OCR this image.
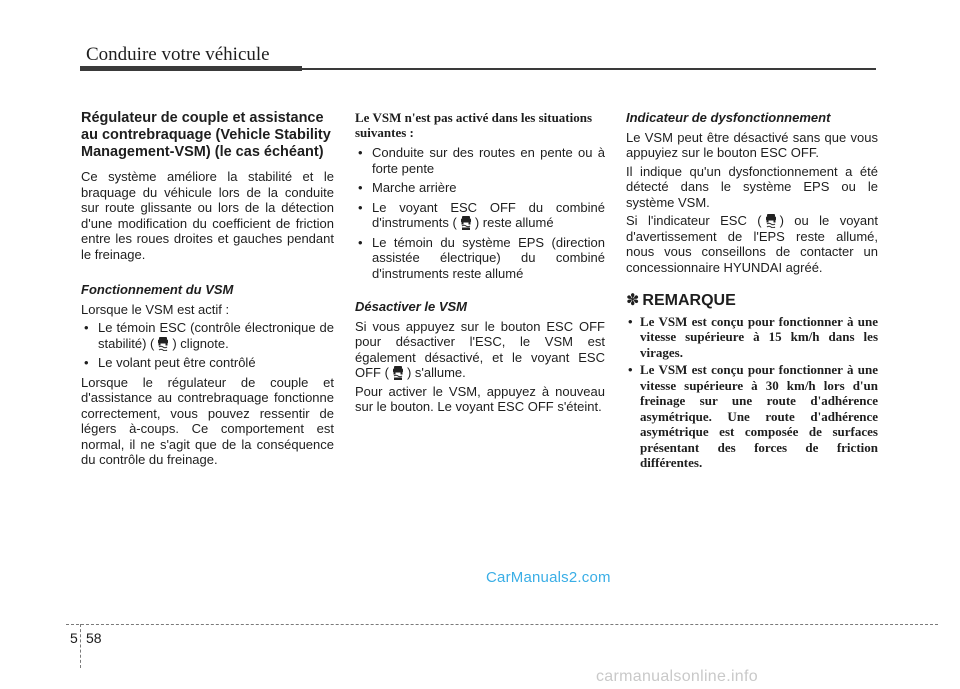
Conduire votre véhicule
Régulateur de couple et assistance au contrebraquage (Vehicle Stability Management-VSM) (le cas échéant)

Ce système améliore la stabilité et le braquage du véhicule lors de la conduite sur route glissante ou lors de la détection d'une modification du coefficient de friction entre les roues droites et gauches pendant le freinage.

Fonctionnement du VSM

Lorsque le VSM est actif :

• Le témoin ESC (contrôle électronique de stabilité) ( ) clignote.
• Le volant peut être contrôlé

Lorsque le régulateur de couple et d'assistance au contrebraquage fonctionne correctement, vous pouvez ressentir de légers à-coups. Ce comportement est normal, il ne s'agit que de la conséquence du contrôle du freinage.

Le VSM n'est pas activé dans les situations suivantes :
• Conduite sur des routes en pente ou à forte pente
• Marche arrière
• Le voyant ESC OFF du combiné d'instruments ( ) reste allumé
• Le témoin du système EPS (direction assistée électrique) du combiné d'instruments reste allumé
Désactiver le VSM

Si vous appuyez sur le bouton ESC OFF pour désactiver l'ESC, le VSM est également désactivé, et le voyant ESC OFF ( ) s'allume.

Pour activer le VSM, appuyez à nouveau sur le bouton. Le voyant ESC OFF s'éteint.

Indicateur de dysfonctionnement

Le VSM peut être désactivé sans que vous appuyiez sur le bouton ESC OFF.

Il indique qu'un dysfonctionnement a été détecté dans le système EPS ou le système VSM.

Si l'indicateur ESC ( ) ou le voyant d'avertissement de l'EPS reste allumé, nous vous conseillons de contacter un concessionnaire HYUNDAI agréé.

✽ REMARQUE
• Le VSM est conçu pour fonctionner à une vitesse supérieure à 15 km/h dans les virages.
• Le VSM est conçu pour fonctionner à une vitesse supérieure à 30 km/h lors d'un freinage sur une route d'adhérence asymétrique. Une route d'adhérence asymétrique est composée de surfaces présentant des forces de friction différentes.
CarManuals2.com
5 58
carmanualsonline.info
